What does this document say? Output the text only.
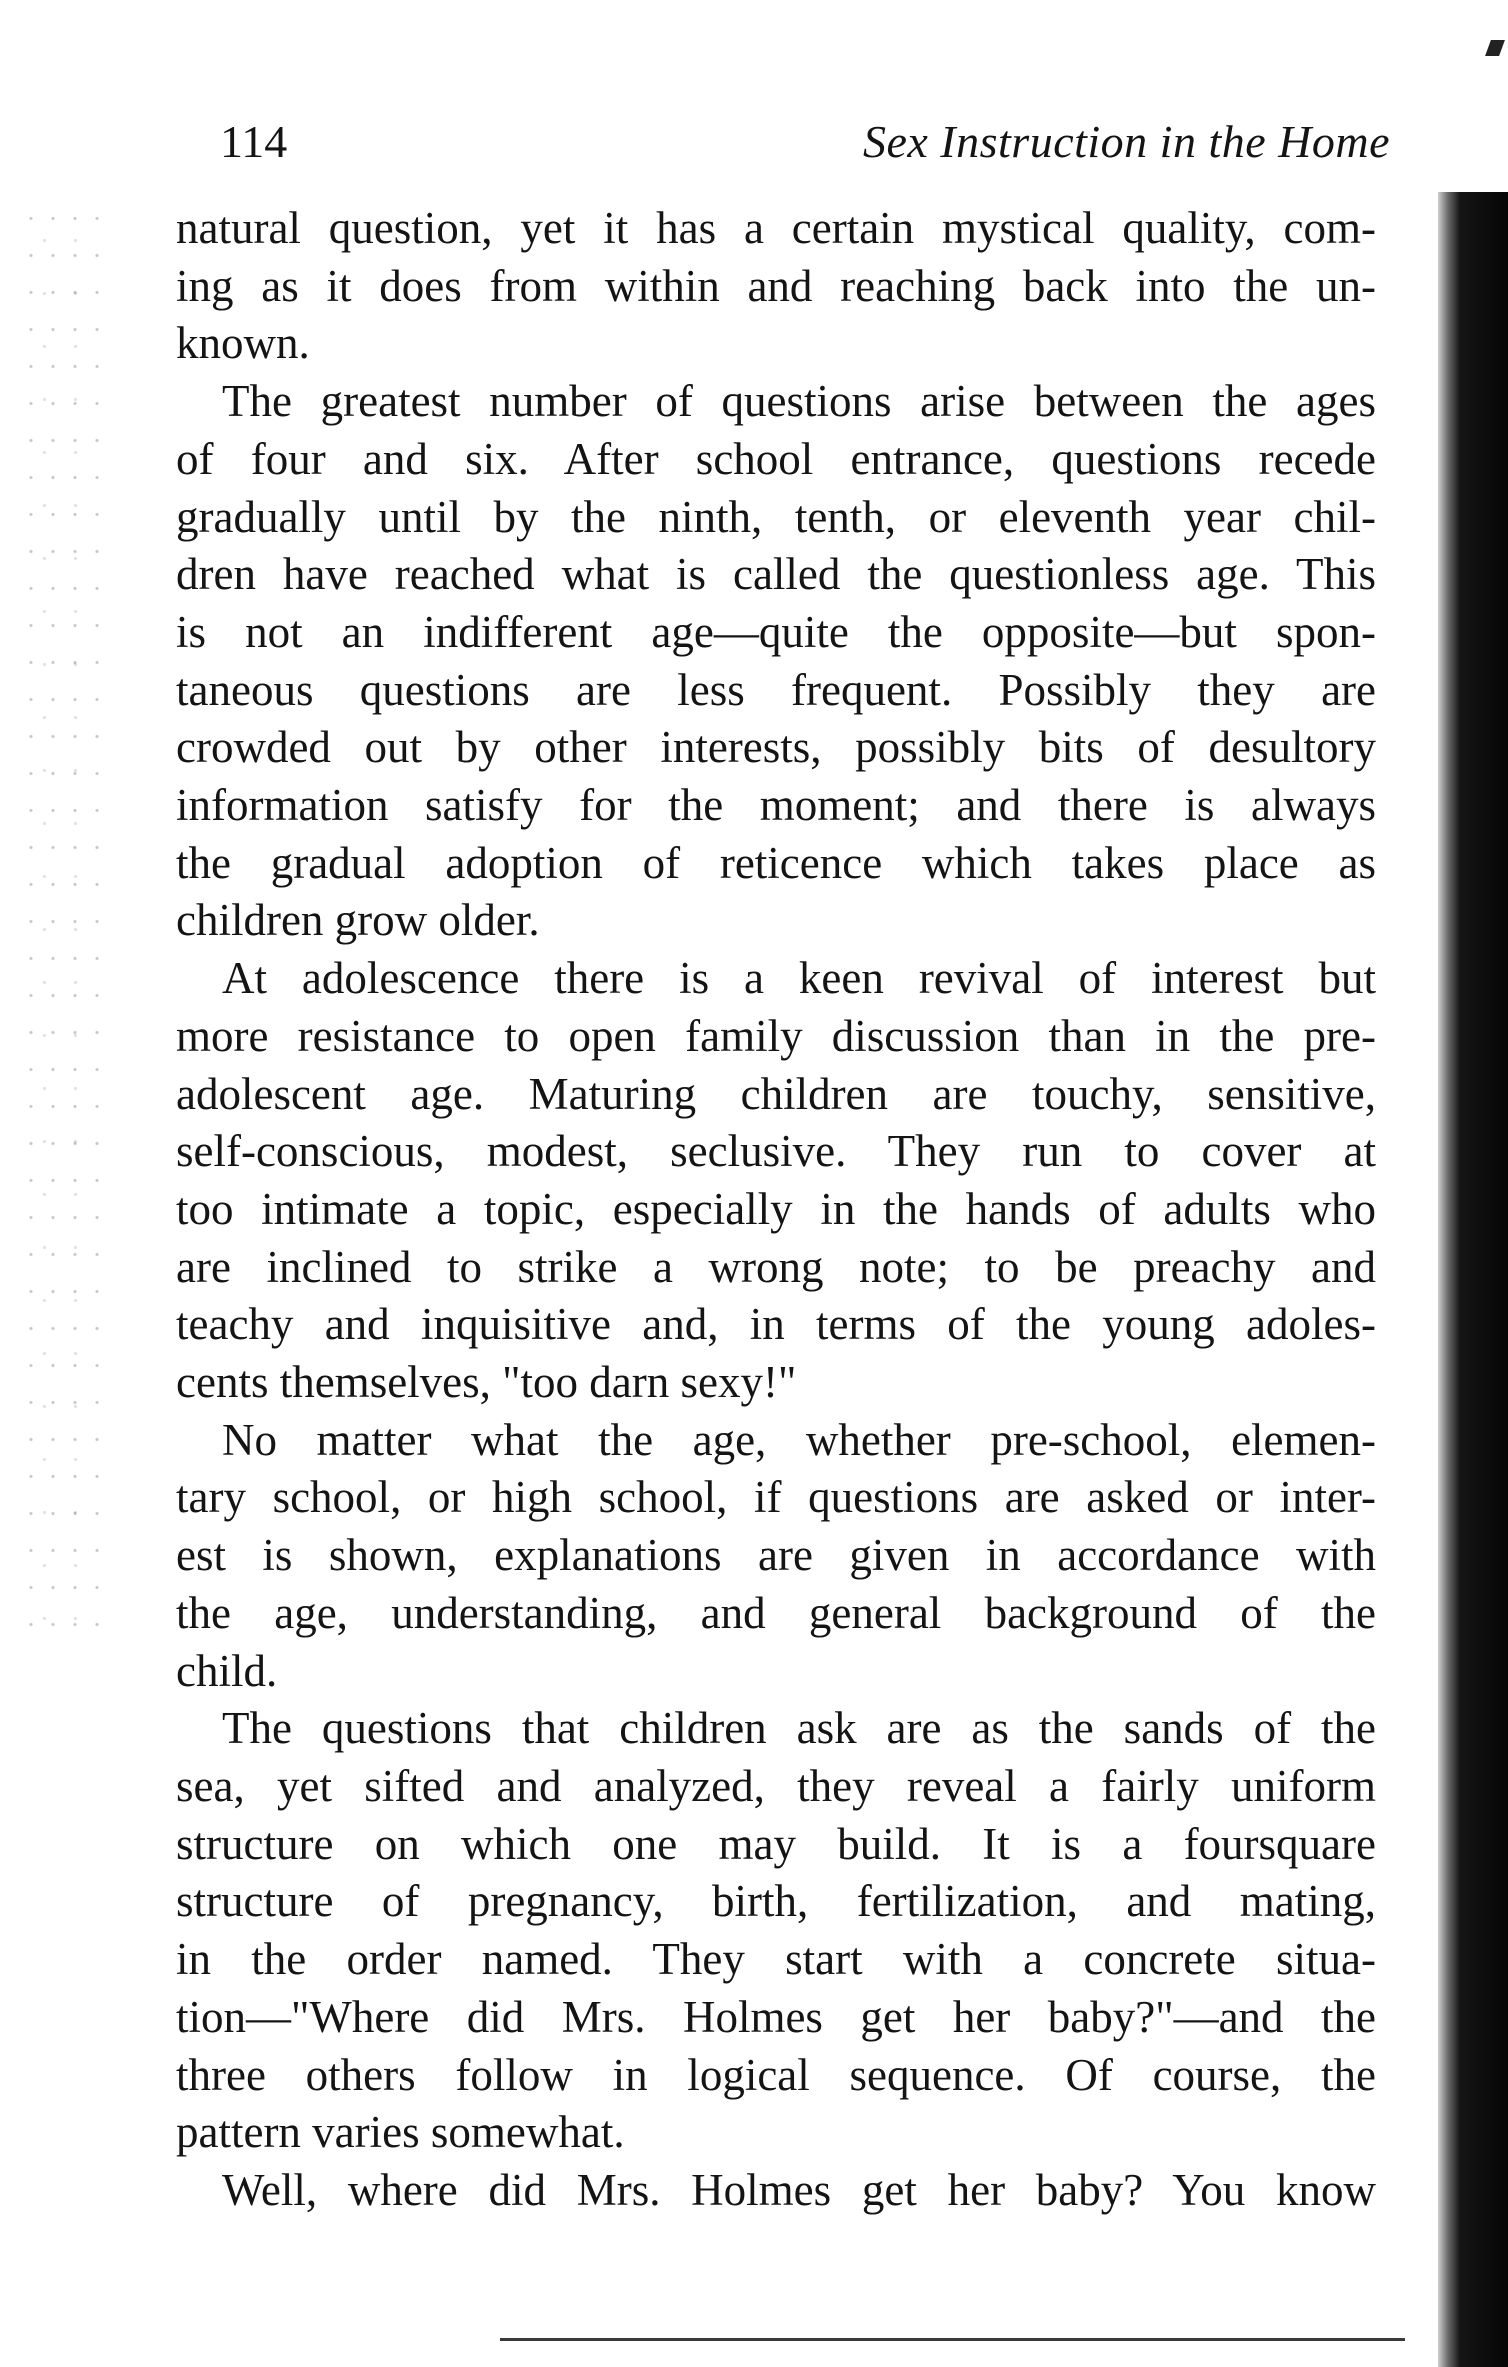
114	Sex Instruction in the Home
natural question, yet it has a certain mystical quality, com-
ing as it does from within and reaching back into the un-
known.
The greatest number of questions arise between the ages
of four and six. After school entrance, questions recede
gradually until by the ninth, tenth, or eleventh year chil-
dren have reached what is called the questionless age. This
is not an indifferent age—quite the opposite—but spon-
taneous questions are less frequent. Possibly they are
crowded out by other interests, possibly bits of desultory
information satisfy for the moment; and there is always
the gradual adoption of reticence which takes place as
children grow older.
At adolescence there is a keen revival of interest but
more resistance to open family discussion than in the pre-
adolescent age. Maturing children are touchy, sensitive,
self-conscious, modest, seclusive. They run to cover at
too intimate a topic, especially in the hands of adults who
are inclined to strike a wrong note; to be preachy and
teachy and inquisitive and, in terms of the young adoles-
cents themselves, "too darn sexy!"
No matter what the age, whether pre-school, elemen-
tary school, or high school, if questions are asked or inter-
est is shown, explanations are given in accordance with
the age, understanding, and general background of the
child.
The questions that children ask are as the sands of the
sea, yet sifted and analyzed, they reveal a fairly uniform
structure on which one may build. It is a foursquare
structure of pregnancy, birth, fertilization, and mating,
in the order named. They start with a concrete situa-
tion—"Where did Mrs. Holmes get her baby?"—and the
three others follow in logical sequence. Of course, the
pattern varies somewhat.
Well, where did Mrs. Holmes get her baby? You know
